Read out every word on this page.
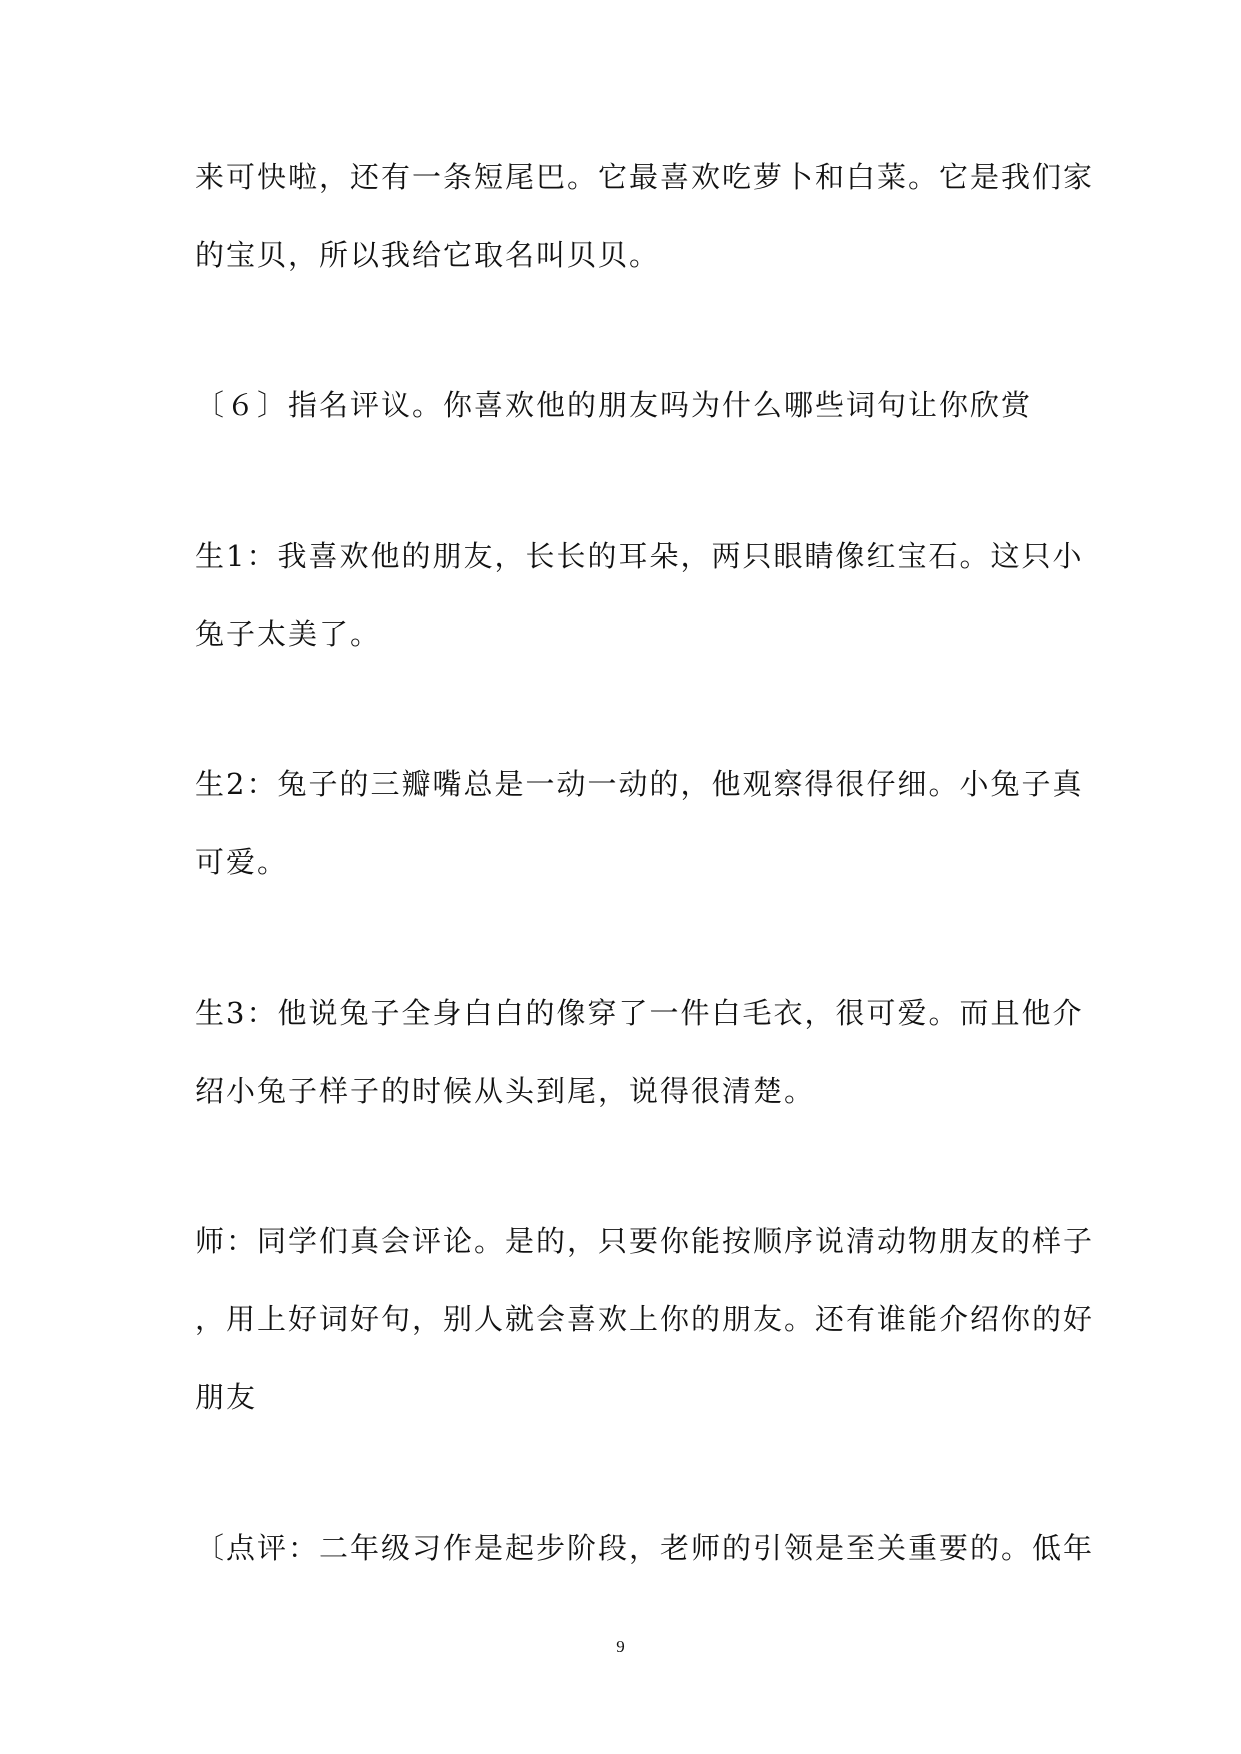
来可快啦，还有一条短尾巴。它最喜欢吃萝卜和白菜。它是我们家
的宝贝，所以我给它取名叫贝贝。
〔６〕指名评议。你喜欢他的朋友吗为什么哪些词句让你欣赏
生1：我喜欢他的朋友，长长的耳朵，两只眼睛像红宝石。这只小
兔子太美了。
生2：兔子的三瓣嘴总是一动一动的，他观察得很仔细。小兔子真
可爱。
生3：他说兔子全身白白的像穿了一件白毛衣，很可爱。而且他介
绍小兔子样子的时候从头到尾，说得很清楚。
师：同学们真会评论。是的，只要你能按顺序说清动物朋友的样子
，用上好词好句，别人就会喜欢上你的朋友。还有谁能介绍你的好
朋友
〔点评：二年级习作是起步阶段，老师的引领是至关重要的。低年
9
